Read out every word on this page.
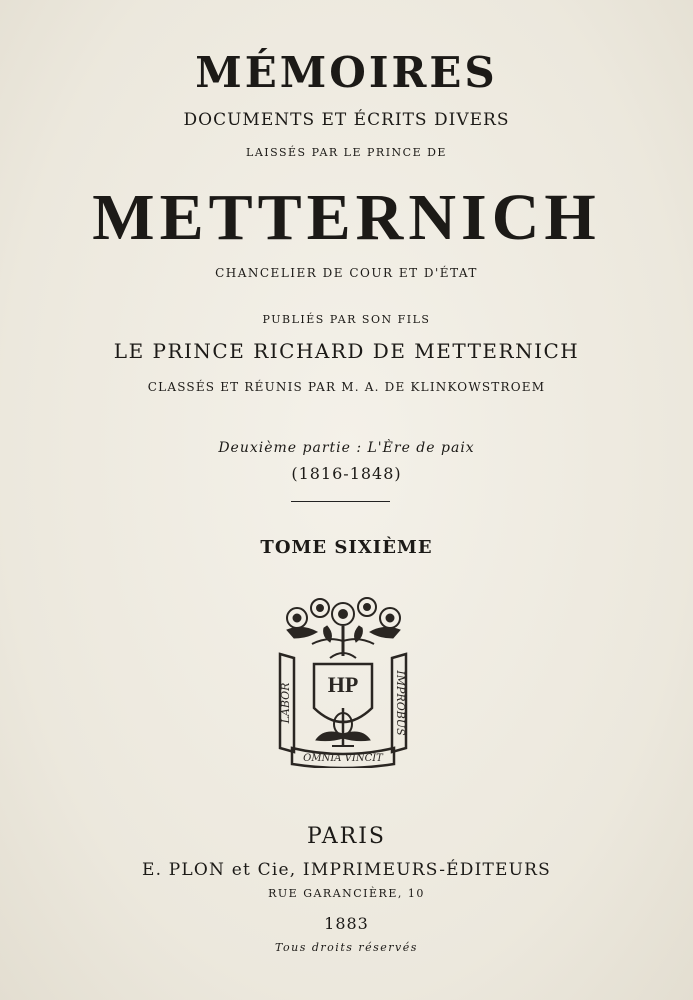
MÉMOIRES
DOCUMENTS ET ÉCRITS DIVERS
LAISSÉS PAR LE PRINCE DE
METTERNICH
CHANCELIER DE COUR ET D'ÉTAT
PUBLIÉS PAR SON FILS
LE PRINCE RICHARD DE METTERNICH
CLASSÉS ET RÉUNIS PAR M. A. DE KLINKOWSTROEM
Deuxième partie : L'Ère de paix
(1816-1848)
TOME SIXIÈME
HP
LABOR	IMPROBUS
OMNIA VINCIT
PARIS
E. PLON et Cie, IMPRIMEURS-ÉDITEURS
RUE GARANCIÈRE, 10
1883
Tous droits réservés
